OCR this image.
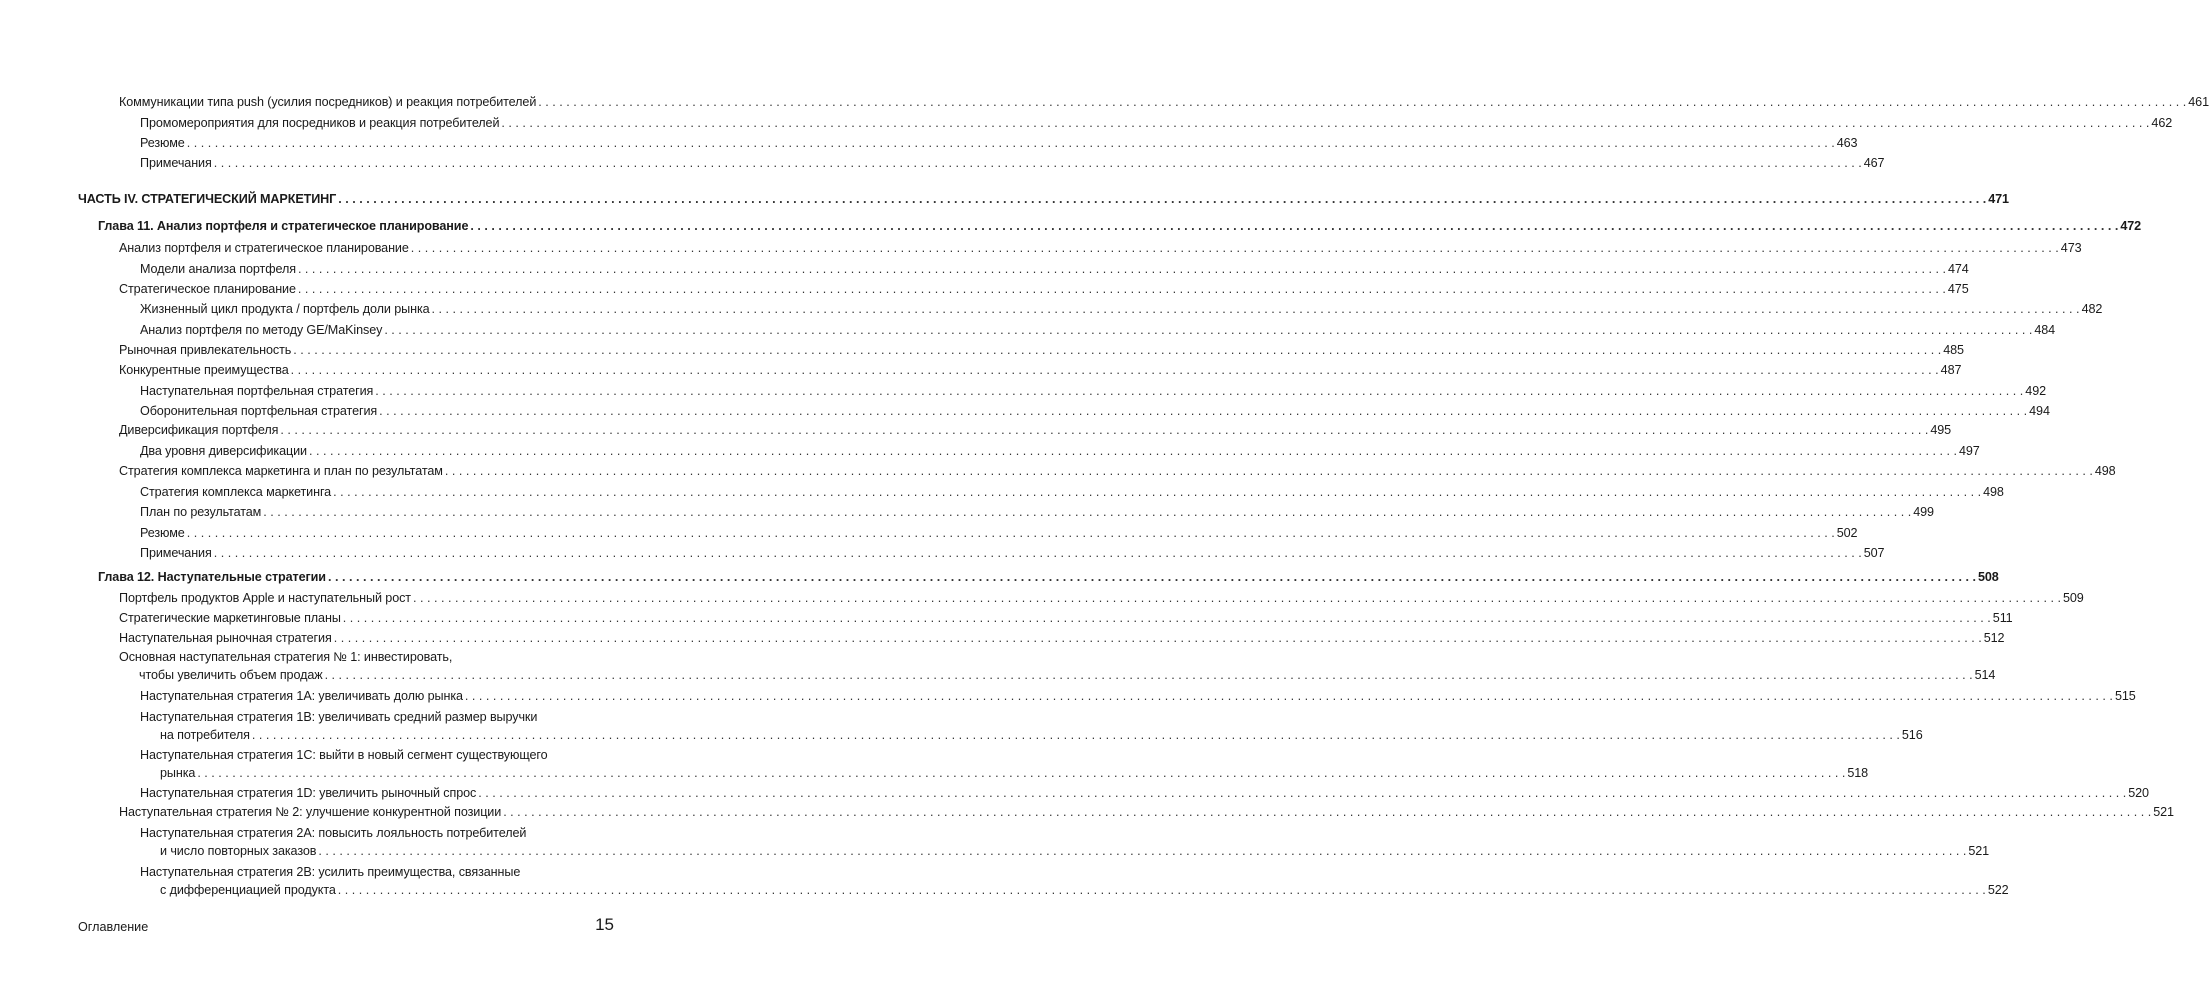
Коммуникации типа push (усилия посредников) и реакция потребителей . . .	461
Промомероприятия для посредников и реакция потребителей . . .	462
Резюме . . .	463
Примечания . . .	467
ЧАСТЬ IV. СТРАТЕГИЧЕСКИЙ МАРКЕТИНГ . . .	471
Глава 11. Анализ портфеля и стратегическое планирование . . .	472
Анализ портфеля и стратегическое планирование . . .	473
Модели анализа портфеля . . .	474
Стратегическое планирование . . .	475
Жизненный цикл продукта / портфель доли рынка . . .	482
Анализ портфеля по методу GE/MaKinsey . . .	484
Рыночная привлекательность . . .	485
Конкурентные преимущества . . .	487
Наступательная портфельная стратегия . . .	492
Оборонительная портфельная стратегия . . .	494
Диверсификация портфеля . . .	495
Два уровня диверсификации . . .	497
Стратегия комплекса маркетинга и план по результатам . . .	498
Стратегия комплекса маркетинга . . .	498
План по результатам . . .	499
Резюме . . .	502
Примечания . . .	507
Глава 12. Наступательные стратегии . . .	508
Портфель продуктов Apple и наступательный рост . . .	509
Стратегические маркетинговые планы . . .	511
Наступательная рыночная стратегия . . .	512
Основная наступательная стратегия № 1: инвестировать,
чтобы увеличить объем продаж . . .	514
Наступательная стратегия 1А: увеличивать долю рынка . . .	515
Наступательная стратегия 1В: увеличивать средний размер выручки
на потребителя . . .	516
Наступательная стратегия 1С: выйти в новый сегмент существующего
рынка . . .	518
Наступательная стратегия 1D: увеличить рыночный спрос . . .	520
Наступательная стратегия № 2: улучшение конкурентной позиции . . .	521
Наступательная стратегия 2А: повысить лояльность потребителей
и число повторных заказов . . .	521
Наступательная стратегия 2В: усилить преимущества, связанные
с дифференциацией продукта . . .	522
Оглавление	15
